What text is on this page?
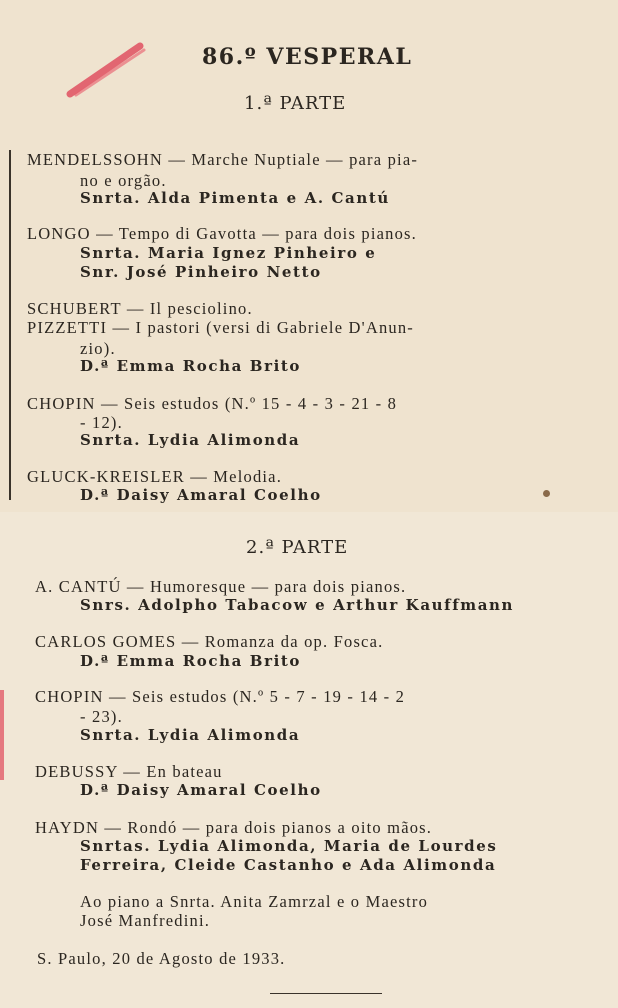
86.º VESPERAL
1.ª PARTE
MENDELSSOHN — Marche Nuptiale — para pia-
no e orgão.
Snrta. Alda Pimenta e A. Cantú
LONGO — Tempo di Gavotta — para dois pianos.
Snrta. Maria Ignez Pinheiro e
Snr. José Pinheiro Netto
SCHUBERT — Il pesciolino.
PIZZETTI — I pastori (versi di Gabriele D'Anun-
zio).
D.ª Emma Rocha Brito
CHOPIN — Seis estudos (N.º 15 - 4 - 3 - 21 - 8
- 12).
Snrta. Lydia Alimonda
GLUCK-KREISLER — Melodia.
D.ª Daisy Amaral Coelho
2.ª PARTE
A. CANTÚ — Humoresque — para dois pianos.
Snrs. Adolpho Tabacow e Arthur Kauffmann
CARLOS GOMES — Romanza da op. Fosca.
D.ª Emma Rocha Brito
CHOPIN — Seis estudos (N.º 5 - 7 - 19 - 14 - 2
- 23).
Snrta. Lydia Alimonda
DEBUSSY — En bateau
D.ª Daisy Amaral Coelho
HAYDN — Rondó — para dois pianos a oito mãos.
Snrtas. Lydia Alimonda, Maria de Lourdes
Ferreira, Cleide Castanho e Ada Alimonda
Ao piano a Snrta. Anita Zamrzal e o Maestro
José Manfredini.
S. Paulo, 20 de Agosto de 1933.
